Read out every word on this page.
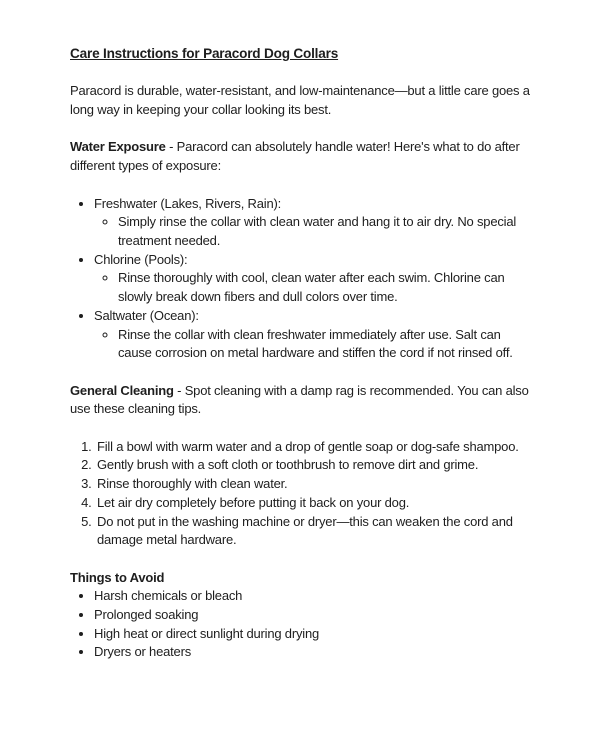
Care Instructions for Paracord Dog Collars

Paracord is durable, water-resistant, and low-maintenance—but a little care goes a long way in keeping your collar looking its best.

Water Exposure - Paracord can absolutely handle water! Here's what to do after different types of exposure:

• Freshwater (Lakes, Rivers, Rain):
◦ Simply rinse the collar with clean water and hang it to air dry. No special treatment needed.
• Chlorine (Pools):
◦ Rinse thoroughly with cool, clean water after each swim. Chlorine can slowly break down fibers and dull colors over time.
• Saltwater (Ocean):
◦ Rinse the collar with clean freshwater immediately after use. Salt can cause corrosion on metal hardware and stiffen the cord if not rinsed off.

General Cleaning - Spot cleaning with a damp rag is recommended. You can also use these cleaning tips.

1. Fill a bowl with warm water and a drop of gentle soap or dog-safe shampoo.
2. Gently brush with a soft cloth or toothbrush to remove dirt and grime.
3. Rinse thoroughly with clean water.
4. Let air dry completely before putting it back on your dog.
5. Do not put in the washing machine or dryer—this can weaken the cord and damage metal hardware.

Things to Avoid

• Harsh chemicals or bleach
• Prolonged soaking
• High heat or direct sunlight during drying
• Dryers or heaters
